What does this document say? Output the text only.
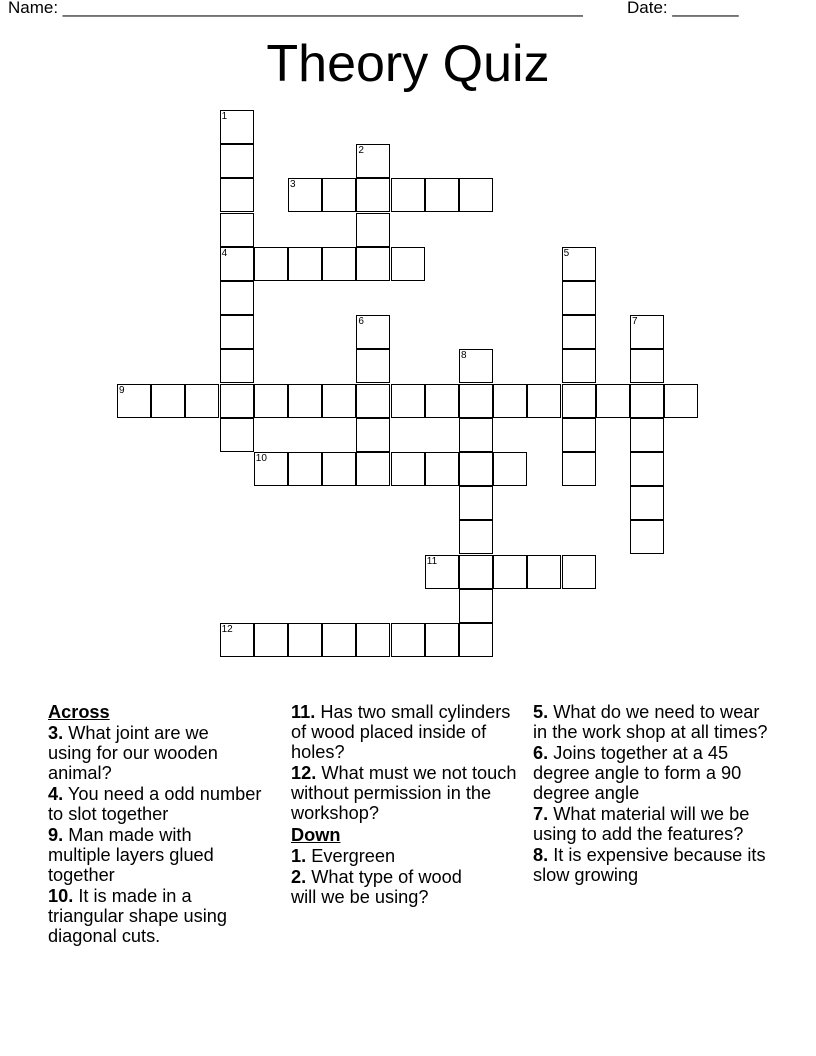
Name: _______________________________________________________	Date: _______
Theory Quiz
1
4
2
3
5
6	7
8
9
10
11
12
Across
3. What joint are we using for our wooden animal?
4. You need a odd number to slot together
9. Man made with multiple layers glued together
10. It is made in a triangular shape using diagonal cuts.
11. Has two small cylinders of wood placed inside of holes?
12. What must we not touch without permission in the workshop?
Down
1. Evergreen
2. What type of wood will we be using?
5. What do we need to wear in the work shop at all times?
6. Joins together at a 45 degree angle to form a 90 degree angle
7. What material will we be using to add the features?
8. It is expensive because its slow growing
